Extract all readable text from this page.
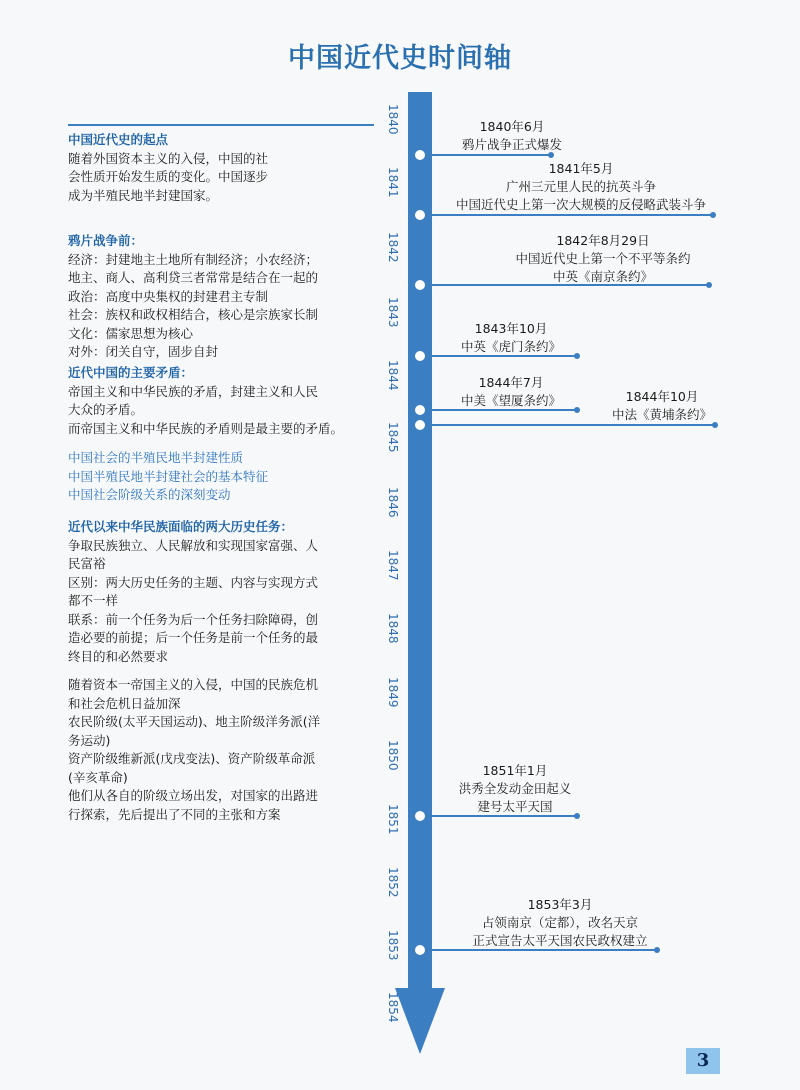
中国近代史时间轴
1840
1841
1842
1843
1844
1845
1846
1847
1848
1849
1850
1851
1852
1853
1854
1840年6月
鸦片战争正式爆发
1841年5月
广州三元里人民的抗英斗争
中国近代史上第一次大规模的反侵略武装斗争
1842年8月29日
中国近代史上第一个不平等条约
中英《南京条约》
1843年10月
中英《虎门条约》
1844年7月
中美《望厦条约》	1844年10月
中法《黄埔条约》
1851年1月
洪秀全发动金田起义
建号太平天国
1853年3月
占领南京（定都），改名天京
正式宣告太平天国农民政权建立
中国近代史的起点
随着外国资本主义的入侵，中国的社
会性质开始发生质的变化。中国逐步
成为半殖民地半封建国家。
鸦片战争前：
经济：封建地主土地所有制经济；小农经济；
地主、商人、高利贷三者常常是结合在一起的
政治：高度中央集权的封建君主专制
社会：族权和政权相结合，核心是宗族家长制
文化：儒家思想为核心
对外：闭关自守，固步自封
近代中国的主要矛盾：
帝国主义和中华民族的矛盾，封建主义和人民
大众的矛盾。
而帝国主义和中华民族的矛盾则是最主要的矛盾。
中国社会的半殖民地半封建性质
中国半殖民地半封建社会的基本特征
中国社会阶级关系的深刻变动
近代以来中华民族面临的两大历史任务：
争取民族独立、人民解放和实现国家富强、人
民富裕
区别：两大历史任务的主题、内容与实现方式
都不一样
联系：前一个任务为后一个任务扫除障碍，创
造必要的前提；后一个任务是前一个任务的最
终目的和必然要求
随着资本一帝国主义的入侵，中国的民族危机
和社会危机日益加深
农民阶级(太平天国运动)、地主阶级洋务派(洋
务运动)
资产阶级维新派(戊戌变法)、资产阶级革命派
(辛亥革命)
他们从各自的阶级立场出发，对国家的出路进
行探索，先后提出了不同的主张和方案
3
